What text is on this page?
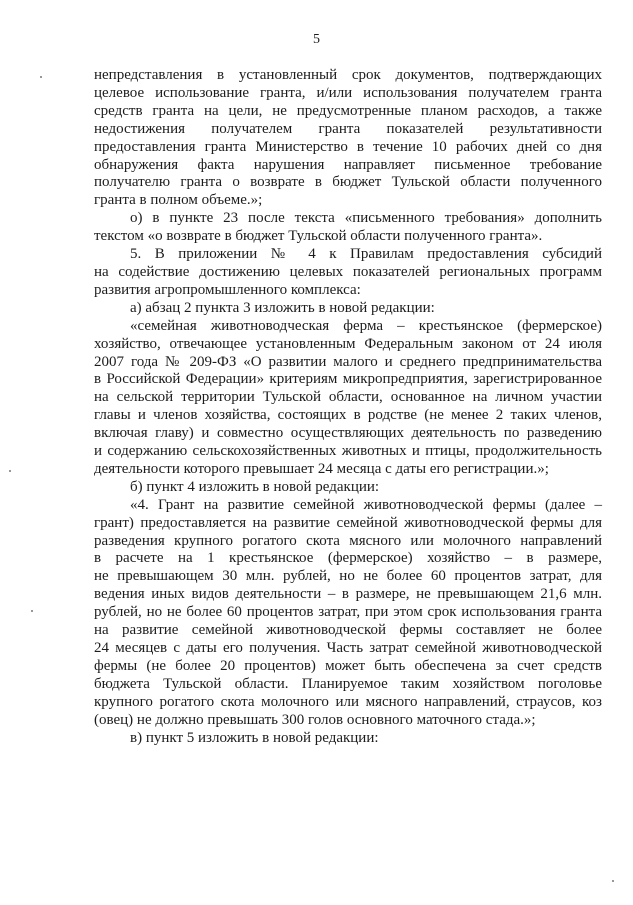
5
непредставления в установленный срок документов, подтверждающих
целевое использование гранта, и/или использования получателем гранта
средств гранта на цели, не предусмотренные планом расходов, а также
недостижения получателем гранта показателей результативности
предоставления гранта Министерство в течение 10 рабочих дней со дня
обнаружения факта нарушения направляет письменное требование
получателю гранта о возврате в бюджет Тульской области полученного
гранта в полном объеме.»;
о) в пункте 23 после текста «письменного требования» дополнить
текстом «о возврате в бюджет Тульской области полученного гранта».
5. В приложении № 4 к Правилам предоставления субсидий
на содействие достижению целевых показателей региональных программ
развития агропромышленного комплекса:
а) абзац 2 пункта 3 изложить в новой редакции:
«семейная животноводческая ферма – крестьянское (фермерское)
хозяйство, отвечающее установленным Федеральным законом от 24 июля
2007 года № 209-ФЗ «О развитии малого и среднего предпринимательства
в Российской Федерации» критериям микропредприятия, зарегистрированное
на сельской территории Тульской области, основанное на личном участии
главы и членов хозяйства, состоящих в родстве (не менее 2 таких членов,
включая главу) и совместно осуществляющих деятельность по разведению
и содержанию сельскохозяйственных животных и птицы, продолжительность
деятельности которого превышает 24 месяца с даты его регистрации.»;
б) пункт 4 изложить в новой редакции:
«4. Грант на развитие семейной животноводческой фермы (далее –
грант) предоставляется на развитие семейной животноводческой фермы для
разведения крупного рогатого скота мясного или молочного направлений
в расчете на 1 крестьянское (фермерское) хозяйство – в размере,
не превышающем 30 млн. рублей, но не более 60 процентов затрат, для
ведения иных видов деятельности – в размере, не превышающем 21,6 млн.
рублей, но не более 60 процентов затрат, при этом срок использования гранта
на развитие семейной животноводческой фермы составляет не более
24 месяцев с даты его получения. Часть затрат семейной животноводческой
фермы (не более 20 процентов) может быть обеспечена за счет средств
бюджета Тульской области. Планируемое таким хозяйством поголовье
крупного рогатого скота молочного или мясного направлений, страусов, коз
(овец) не должно превышать 300 голов основного маточного стада.»;
в) пункт 5 изложить в новой редакции:
